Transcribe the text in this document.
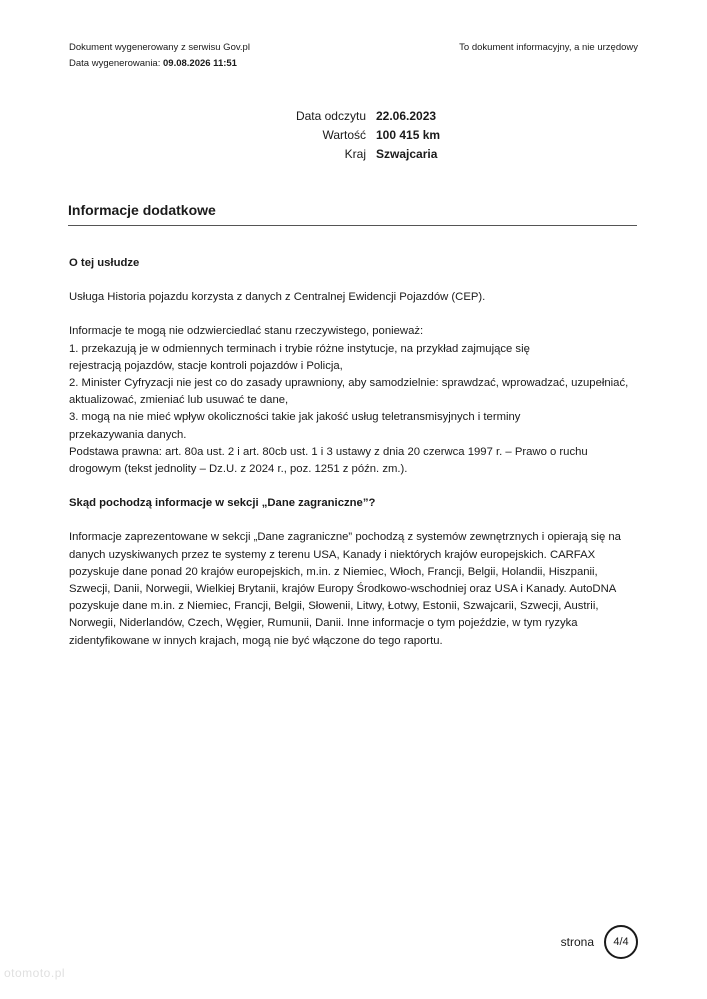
Dokument wygenerowany z serwisu Gov.pl
Data wygenerowania: 09.08.2026 11:51
To dokument informacyjny, a nie urzędowy
Data odczytu 22.06.2023
Wartość 100 415 km
Kraj Szwajcaria
Informacje dodatkowe

O tej usłudze

Usługa Historia pojazdu korzysta z danych z Centralnej Ewidencji Pojazdów (CEP).

Informacje te mogą nie odzwierciedlać stanu rzeczywistego, ponieważ:

1. przekazują je w odmiennych terminach i trybie różne instytucje, na przykład zajmujące się

rejestracją pojazdów, stacje kontroli pojazdów i Policja,

2. Minister Cyfryzacji nie jest co do zasady uprawniony, aby samodzielnie: sprawdzać, wprowadzać, uzupełniać,

aktualizować, zmieniać lub usuwać te dane,

3. mogą na nie mieć wpływ okoliczności takie jak jakość usług teletransmisyjnych i terminy

przekazywania danych.

Podstawa prawna: art. 80a ust. 2 i art. 80cb ust. 1 i 3 ustawy z dnia 20 czerwca 1997 r. – Prawo o ruchu

drogowym (tekst jednolity – Dz.U. z 2024 r., poz. 1251 z późn. zm.).

Skąd pochodzą informacje w sekcji „Dane zagraniczne”?

Informacje zaprezentowane w sekcji „Dane zagraniczne” pochodzą z systemów zewnętrznych i opierają się na

danych uzyskiwanych przez te systemy z terenu USA, Kanady i niektórych krajów europejskich. CARFAX

pozyskuje dane ponad 20 krajów europejskich, m.in. z Niemiec, Włoch, Francji, Belgii, Holandii, Hiszpanii,

Szwecji, Danii, Norwegii, Wielkiej Brytanii, krajów Europy Środkowo-wschodniej oraz USA i Kanady. AutoDNA

pozyskuje dane m.in. z Niemiec, Francji, Belgii, Słowenii, Litwy, Łotwy, Estonii, Szwajcarii, Szwecji, Austrii,

Norwegii, Niderlandów, Czech, Węgier, Rumunii, Danii. Inne informacje o tym pojeździe, w tym ryzyka

zidentyfikowane w innych krajach, mogą nie być włączone do tego raportu.

strona	4/4
otomoto.pl
